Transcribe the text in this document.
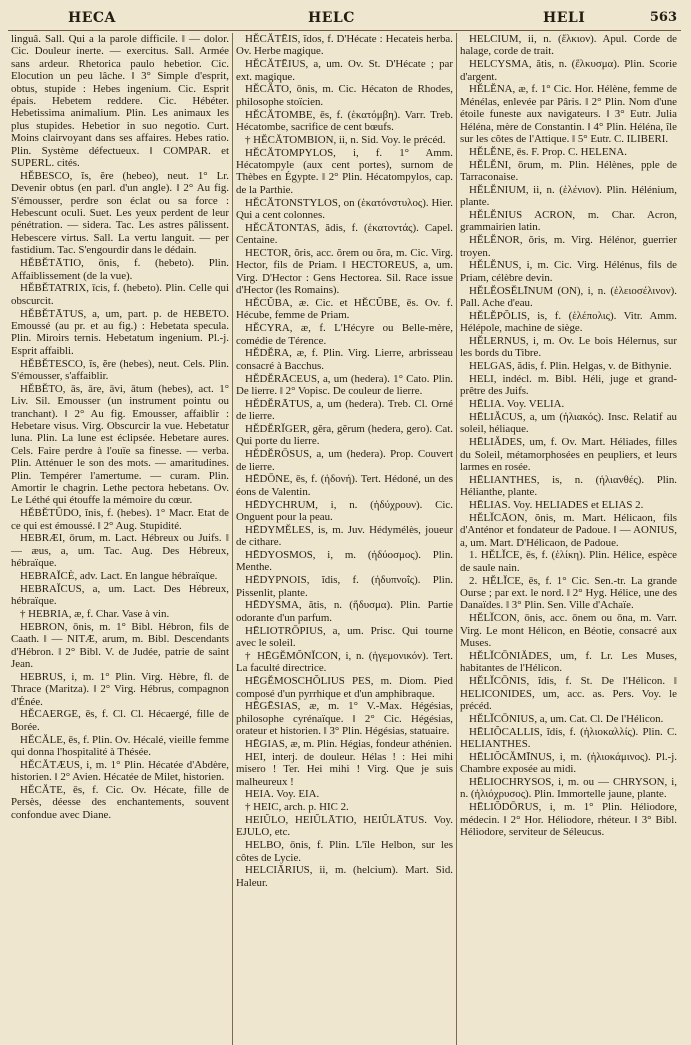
HECA	HELC	HELI	563

linguâ. Sall. Qui a la parole difficile. ‖ — dolor. Cic. Douleur inerte. — exercitus. Sall. Armée sans ardeur. Rhetorica paulo hebetior. Cic. Elocution un peu lâche. ‖ 3° Simple d'esprit, obtus, stupide : Hebes ingenium. Cic. Esprit épais. Hebetem reddere. Cic. Hébéter. Hebetissima animalium. Plin. Les animaux les plus stupides. Hebetior in suo negotio. Curt. Moins clairvoyant dans ses affaires. Hebes ratio. Plin. Système défectueux. ‖ COMPAR. et SUPERL. cités.

HĔBESCO, ĭs, ĕre (hebeo), neut. 1° Lr. Devenir obtus (en parl. d'un angle). ‖ 2° Au fig. S'émousser, perdre son éclat ou sa force : Hebescunt oculi. Suet. Les yeux perdent de leur pénétration. — sidera. Tac. Les astres pâlissent. Hebescere virtus. Sall. La vertu languit. — per fastidium. Tac. S'engourdir dans le dédain.

HĔBĔTĀTIO, ōnis, f. (hebeto). Plin. Affaiblissement (de la vue).

HĔBĔTATRIX, īcis, f. (hebeto). Plin. Celle qui obscurcit.

HĔBĔTĀTUS, a, um, part. p. de HEBETO. Emoussé (au pr. et au fig.) : Hebetata specula. Plin. Miroirs ternis. Hebetatum ingenium. Pl.-j. Esprit affaibli.

HĔBĔTESCO, ĭs, ĕre (hebes), neut. Cels. Plin. S'émousser, s'affaiblir.

HĔBĔTO, ās, āre, āvi, ātum (hebes), act. 1° Liv. Sil. Emousser (un instrument pointu ou tranchant). ‖ 2° Au fig. Emousser, affaiblir : Hebetare visus. Virg. Obscurcir la vue. Hebetatur luna. Plin. La lune est éclipsée. Hebetare aures. Cels. Faire perdre à l'ouïe sa finesse. — verba. Plin. Atténuer le son des mots. — amaritudines. Plin. Tempérer l'amertume. — curam. Plin. Amortir le chagrin. Lethe pectora hebetans. Ov. Le Léthé qui étouffe la mémoire du cœur.

HĔBĔTŪDO, ĭnis, f. (hebes). 1° Macr. Etat de ce qui est émoussé. ‖ 2° Aug. Stupidité.

HEBRÆI, ōrum, m. Lact. Hébreux ou Juifs. ‖ — æus, a, um. Tac. Aug. Des Hébreux, hébraïque.

HEBRAĬCÈ, adv. Lact. En langue hébraïque.

HEBRAĬCUS, a, um. Lact. Des Hébreux, hébraïque.

† HEBRIA, æ, f. Char. Vase à vin.

HEBRON, ōnis, m. 1° Bibl. Hébron, fils de Caath. ‖ — NITÆ, arum, m. Bibl. Descendants d'Hébron. ‖ 2° Bibl. V. de Judée, patrie de saint Jean.

HEBRUS, i, m. 1° Plin. Virg. Hèbre, fl. de Thrace (Maritza). ‖ 2° Virg. Hébrus, compagnon d'Énée.

HĔCAERGE, ēs, f. Cl. Cl. Hécaergé, fille de Borée.

HĔCĂLE, ēs, f. Plin. Ov. Hécalé, vieille femme qui donna l'hospitalité à Thésée.

HĔCĂTÆUS, i, m. 1° Plin. Hécatée d'Abdère, historien. ‖ 2° Avien. Hécatée de Milet, historien.

HĔCĂTE, ēs, f. Cic. Ov. Hécate, fille de Persès, déesse des enchantements, souvent confondue avec Diane.

HĔCĂTĒIS, ĭdos, f. D'Hécate : Hecateis herba. Ov. Herbe magique.

HĔCĂTĒIUS, a, um. Ov. St. D'Hécate ; par ext. magique.

HĔCĂTO, ōnis, m. Cic. Hécaton de Rhodes, philosophe stoïcien.

HĔCĂTOMBE, ēs, f. (ἑκατόμβη). Varr. Treb. Hécatombe, sacrifice de cent bœufs.

† HĔCĂTOMBION, ii, n. Sid. Voy. le précéd.

HĔCĂTOMPYLOS, i, f. 1° Amm. Hécatompyle (aux cent portes), surnom de Thèbes en Égypte. ‖ 2° Plin. Hécatompylos, cap. de la Parthie.

HĔCĂTONSTYLOS, on (ἑκατόνστυλος). Hier. Qui a cent colonnes.

HĔCĂTONTAS, ădis, f. (ἑκατοντάς). Capel. Centaine.

HECTOR, ŏris, acc. ŏrem ou ŏra, m. Cic. Virg. Hector, fils de Priam. ‖ HECTOREUS, a, um. Virg. D'Hector : Gens Hectorea. Sil. Race issue d'Hector (les Romains).

HĔCŬBA, æ. Cic. et HĔCŬBE, ēs. Ov. f. Hécube, femme de Priam.

HĔCYRA, æ, f. L'Hécyre ou Belle-mère, comédie de Térence.

HĔDĔRA, æ, f. Plin. Virg. Lierre, arbrisseau consacré à Bacchus.

HĔDĔRĀCEUS, a, um (hedera). 1° Cato. Plin. De lierre. ‖ 2° Vopisc. De couleur de lierre.

HĔDĔRĀTUS, a, um (hedera). Treb. Cl. Orné de lierre.

HĔDĔRĬGER, gĕra, gĕrum (hedera, gero). Cat. Qui porte du lierre.

HĔDĔRŌSUS, a, um (hedera). Prop. Couvert de lierre.

HĒDŌNE, ēs, f. (ἡδονή). Tert. Hédoné, un des éons de Valentin.

HĒDYCHRUM, i, n. (ἡδύχρουν). Cic. Onguent pour la peau.

HĒDYMĔLES, is, m. Juv. Hédymélès, joueur de cithare.

HĒDYOSMOS, i, m. (ἡδύοσμος). Plin. Menthe.

HĒDYPNOIS, ĭdis, f. (ἡδυπνοΐς). Plin. Pissenlit, plante.

HĒDYSMA, ătis, n. (ἥδυσμα). Plin. Partie odorante d'un parfum.

HĒLIOTRŌPIUS, a, um. Prisc. Qui tourne avec le soleil.

† HĒGĔMŎNĬCON, i, n. (ἡγεμονικόν). Tert. La faculté directrice.

HĒGĔMOSCHŎLIUS PES, m. Diom. Pied composé d'un pyrrhique et d'un amphibraque.

HĒGĒSIAS, æ, m. 1° V.-Max. Hégésias, philosophe cyrénaïque. ‖ 2° Cic. Hégésias, orateur et historien. ‖ 3° Plin. Hégésias, statuaire.

HĒGIAS, æ, m. Plin. Hégias, fondeur athénien.

HEI, interj. de douleur. Hélas ! : Hei mihi misero ! Ter. Hei mihi ! Virg. Que je suis malheureux !

HEIA. Voy. EIA.

† HEIC, arch. p. HIC 2.

HEIŬLO, HEIŬLĀTIO, HEIŬLĀTUS. Voy. EJULO, etc.

HELBO, ōnis, f. Plin. L'île Helbon, sur les côtes de Lycie.

HELCIĀRIUS, ii, m. (helcium). Mart. Sid. Haleur.

HELCIUM, ii, n. (ἕλκιον). Apul. Corde de halage, corde de trait.

HELCYSMA, ătis, n. (ἕλκυσμα). Plin. Scorie d'argent.

HĔLĔNA, æ, f. 1° Cic. Hor. Hélène, femme de Ménélas, enlevée par Pâris. ‖ 2° Plin. Nom d'une étoile funeste aux navigateurs. ‖ 3° Eutr. Julia Héléna, mère de Constantin. ‖ 4° Plin. Héléna, île sur les côtes de l'Attique. ‖ 5° Eutr. C. ILIBERI.

HĔLĔNE, ēs. F. Prop. C. HELENA.

HĔLĔNI, ōrum, m. Plin. Hélènes, pple de Tarraconaise.

HĔLĔNIUM, ii, n. (ἑλένιον). Plin. Hélénium, plante.

HĔLĔNIUS ACRON, m. Char. Acron, grammairien latin.

HĔLĔNOR, ŏris, m. Virg. Hélénor, guerrier troyen.

HĔLĔNUS, i, m. Cic. Virg. Hélénus, fils de Priam, célèbre devin.

HĔLĔOSĔLĪNUM (ON), i, n. (ἑλειοσέλινον). Pall. Ache d'eau.

HĔLĔPŎLIS, is, f. (ἑλέπολις). Vitr. Amm. Hélépole, machine de siège.

HĔLERNUS, i, m. Ov. Le bois Hélernus, sur les bords du Tibre.

HELGAS, ădis, f. Plin. Helgas, v. de Bithynie.

HELI, indécl. m. Bibl. Héli, juge et grand-prêtre des Juifs.

HĒLIA. Voy. VELIA.

HĒLIĂCUS, a, um (ἡλιακός). Insc. Relatif au soleil, héliaque.

HĒLIĂDES, um, f. Ov. Mart. Héliades, filles du Soleil, métamorphosées en peupliers, et leurs larmes en rosée.

HĒLIANTHES, is, n. (ἡλιανθές). Plin. Hélianthe, plante.

HĒLIAS. Voy. HELIADES et ELIAS 2.

HĔLĬCĀON, ŏnis, m. Mart. Hélicaon, fils d'Anténor et fondateur de Padoue. ‖ — AONIUS, a, um. Mart. D'Hélicaon, de Padoue.

1. HĔLĬCE, ēs, f. (ἑλίκη). Plin. Hélice, espèce de saule nain.

2. HĔLĬCE, ēs, f. 1° Cic. Sen.-tr. La grande Ourse ; par ext. le nord. ‖ 2° Hyg. Hélice, une des Danaïdes. ‖ 3° Plin. Sen. Ville d'Achaïe.

HĔLĬCON, ōnis, acc. ōnem ou ōna, m. Varr. Virg. Le mont Hélicon, en Béotie, consacré aux Muses.

HĔLĬCŌNIĂDES, um, f. Lr. Les Muses, habitantes de l'Hélicon.

HĔLĬCŌNIS, ĭdis, f. St. De l'Hélicon. ‖ HELICONIDES, um, acc. as. Pers. Voy. le précéd.

HĔLĬCŌNIUS, a, um. Cat. Cl. De l'Hélicon.

HĒLIŎCALLIS, ĭdis, f. (ἡλιοκαλλίς). Plin. C. HELIANTHES.

HĒLIŎCĂMĪNUS, i, m. (ἡλιοκάμινος). Pl.-j. Chambre exposée au midi.

HĒLIOCHRYSOS, i, m. ou — CHRYSON, i, n. (ἡλιόχρυσος). Plin. Immortelle jaune, plante.

HĒLIŎDŌRUS, i, m. 1° Plin. Héliodore, médecin. ‖ 2° Hor. Héliodore, rhéteur. ‖ 3° Bibl. Héliodore, serviteur de Séleucus.
